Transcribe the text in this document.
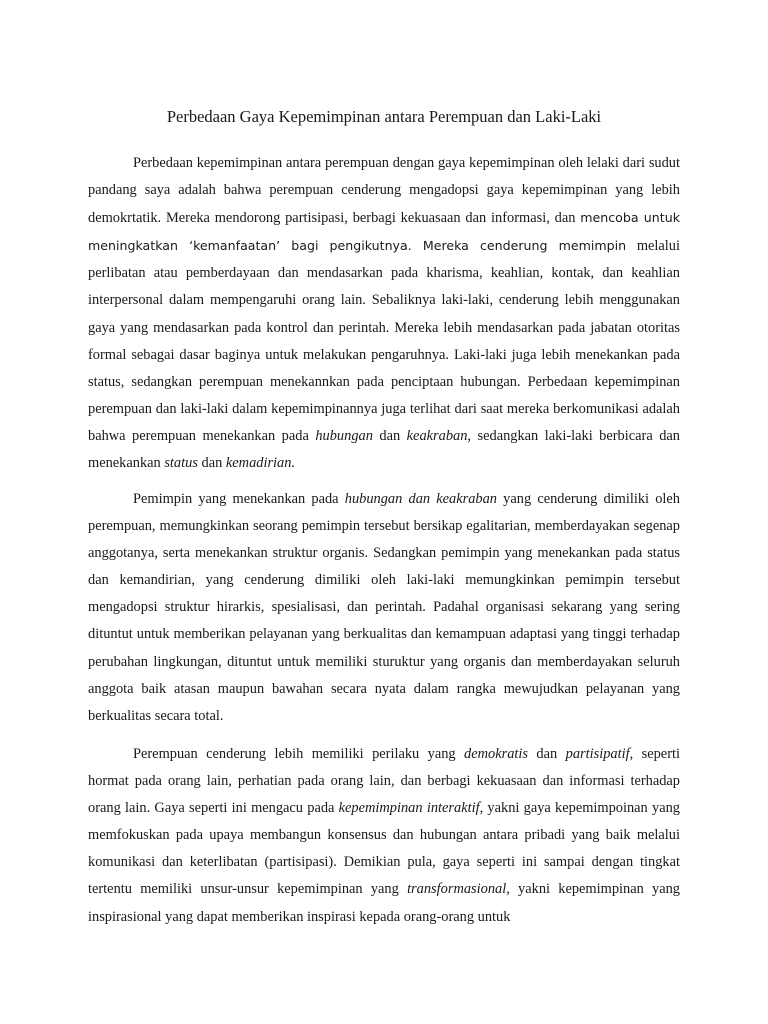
Perbedaan Gaya Kepemimpinan antara Perempuan dan Laki-Laki

Perbedaan kepemimpinan antara perempuan dengan gaya kepemimpinan oleh lelaki dari sudut pandang saya adalah bahwa perempuan cenderung mengadopsi gaya kepemimpinan yang lebih demokrtatik. Mereka mendorong partisipasi, berbagi kekuasaan dan informasi, dan mencoba untuk meningkatkan ‘kemanfaatan’ bagi pengikutnya. Mereka cenderung memimpin melalui perlibatan atau pemberdayaan dan mendasarkan pada kharisma, keahlian, kontak, dan keahlian interpersonal dalam mempengaruhi orang lain. Sebaliknya laki-laki, cenderung lebih menggunakan gaya yang mendasarkan pada kontrol dan perintah. Mereka lebih mendasarkan pada jabatan otoritas formal sebagai dasar baginya untuk melakukan pengaruhnya. Laki-laki juga lebih menekankan pada status, sedangkan perempuan menekannkan pada penciptaan hubungan. Perbedaan kepemimpinan perempuan dan laki-laki dalam kepemimpinannya juga terlihat dari saat mereka berkomunikasi adalah bahwa perempuan menekankan pada hubungan dan keakraban, sedangkan laki-laki berbicara dan menekankan status dan kemadirian.

Pemimpin yang menekankan pada hubungan dan keakraban yang cenderung dimiliki oleh perempuan, memungkinkan seorang pemimpin tersebut bersikap egalitarian, memberdayakan segenap anggotanya, serta menekankan struktur organis. Sedangkan pemimpin yang menekankan pada status dan kemandirian, yang cenderung dimiliki oleh laki-laki memungkinkan pemimpin tersebut mengadopsi struktur hirarkis, spesialisasi, dan perintah. Padahal organisasi sekarang yang sering dituntut untuk memberikan pelayanan yang berkualitas dan kemampuan adaptasi yang tinggi terhadap perubahan lingkungan, dituntut untuk memiliki sturuktur yang organis dan memberdayakan seluruh anggota baik atasan maupun bawahan secara nyata dalam rangka mewujudkan pelayanan yang berkualitas secara total.

Perempuan cenderung lebih memiliki perilaku yang demokratis dan partisipatif, seperti hormat pada orang lain, perhatian pada orang lain, dan berbagi kekuasaan dan informasi terhadap orang lain. Gaya seperti ini mengacu pada kepemimpinan interaktif, yakni gaya kepemimpoinan yang memfokuskan pada upaya membangun konsensus dan hubungan antara pribadi yang baik melalui komunikasi dan keterlibatan (partisipasi). Demikian pula, gaya seperti ini sampai dengan tingkat tertentu memiliki unsur-unsur kepemimpinan yang transformasional, yakni kepemimpinan yang inspirasional yang dapat memberikan inspirasi kepada orang-orang untuk
